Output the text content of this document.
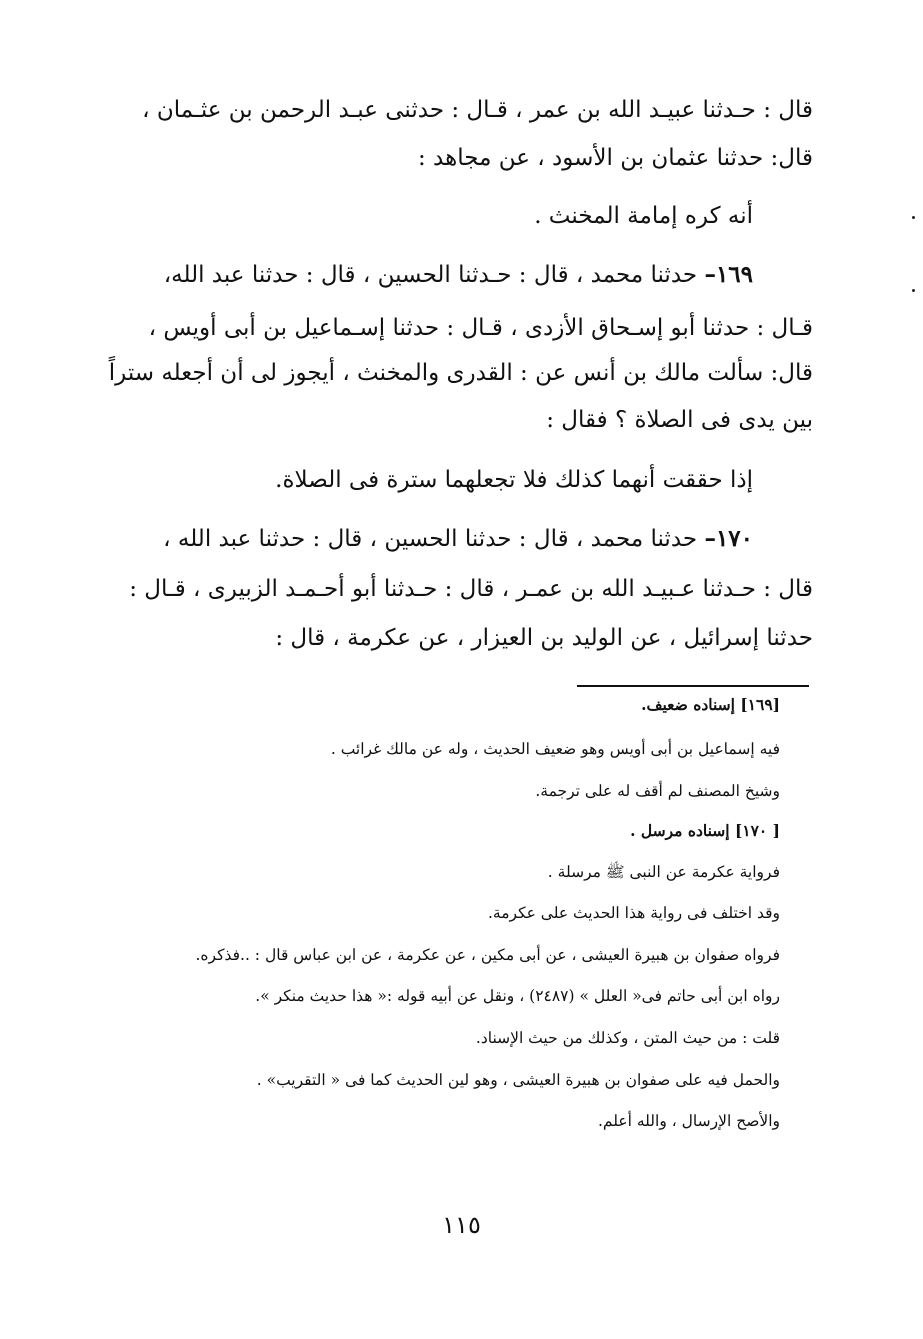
قال : حـدثنا عبيـد الله بن عمر ، قـال : حدثنى عبـد الرحمن بن عثـمان ،
قال: حدثنا عثمان بن الأسود ، عن مجاهد :
أنه كره إمامة المخنث .
١٦٩– حدثنا محمد ، قال : حـدثنا الحسين ، قال : حدثنا عبد الله،
قـال : حدثنا أبو إسـحاق الأزدى ، قـال : حدثنا إسـماعيل بن أبى أويس ،
قال: سألت مالك بن أنس عن : القدرى والمخنث ، أيجوز لى أن أجعله ستراً
بين يدى فى الصلاة ؟ فقال :
إذا حققت أنهما كذلك فلا تجعلهما سترة فى الصلاة.
١٧٠– حدثنا محمد ، قال : حدثنا الحسين ، قال : حدثنا عبد الله ،
قال : حـدثنا عـبيـد الله بن عمـر ، قال : حـدثنا أبو أحـمـد الزبيرى ، قـال :
حدثنا إسرائيل ، عن الوليد بن العيزار ، عن عكرمة ، قال :
[١٦٩] إسناده ضعيف.
فيه إسماعيل بن أبى أويس وهو ضعيف الحديث ، وله عن مالك غرائب .
وشيخ المصنف لم أقف له على ترجمة.
[ ١٧٠] إسناده مرسل .
فرواية عكرمة عن النبى ﷺ مرسلة .
وقد اختلف فى رواية هذا الحديث على عكرمة.
فرواه صفوان بن هبيرة العيشى ، عن أبى مكين ، عن عكرمة ، عن ابن عباس قال : ..فذكره.
رواه ابن أبى حاتم فى« العلل » (٢٤٨٧) ، ونقل عن أبيه قوله :« هذا حديث منكر ».
قلت : من حيث المتن ، وكذلك من حيث الإسناد.
والحمل فيه على صفوان بن هبيرة العيشى ، وهو لين الحديث كما فى « التقريب» .
والأصح الإرسال ، والله أعلم.
١١٥
